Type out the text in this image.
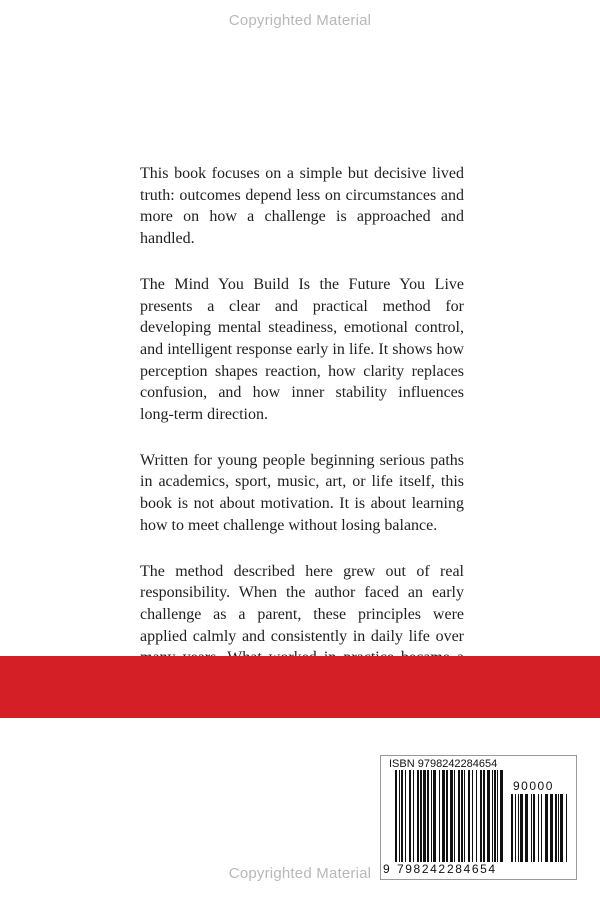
Copyrighted Material

This book focuses on a simple but decisive lived truth: outcomes depend less on circumstances and more on how a challenge is approached and handled.

The Mind You Build Is the Future You Live presents a clear and practical method for developing mental steadiness, emotional control, and intelligent response early in life. It shows how perception shapes reaction, how clarity replaces confusion, and how inner stability influences long-term direction.

Written for young people beginning serious paths in academics, sport, music, art, or life itself, this book is not about motivation. It is about learning how to meet challenge without losing balance.

The method described here grew out of real responsibility. When the author faced an early challenge as a parent, these principles were applied calmly and consistently in daily life over

ISBN 9798242284654
90000
9 798242 284654
Copyrighted Material
